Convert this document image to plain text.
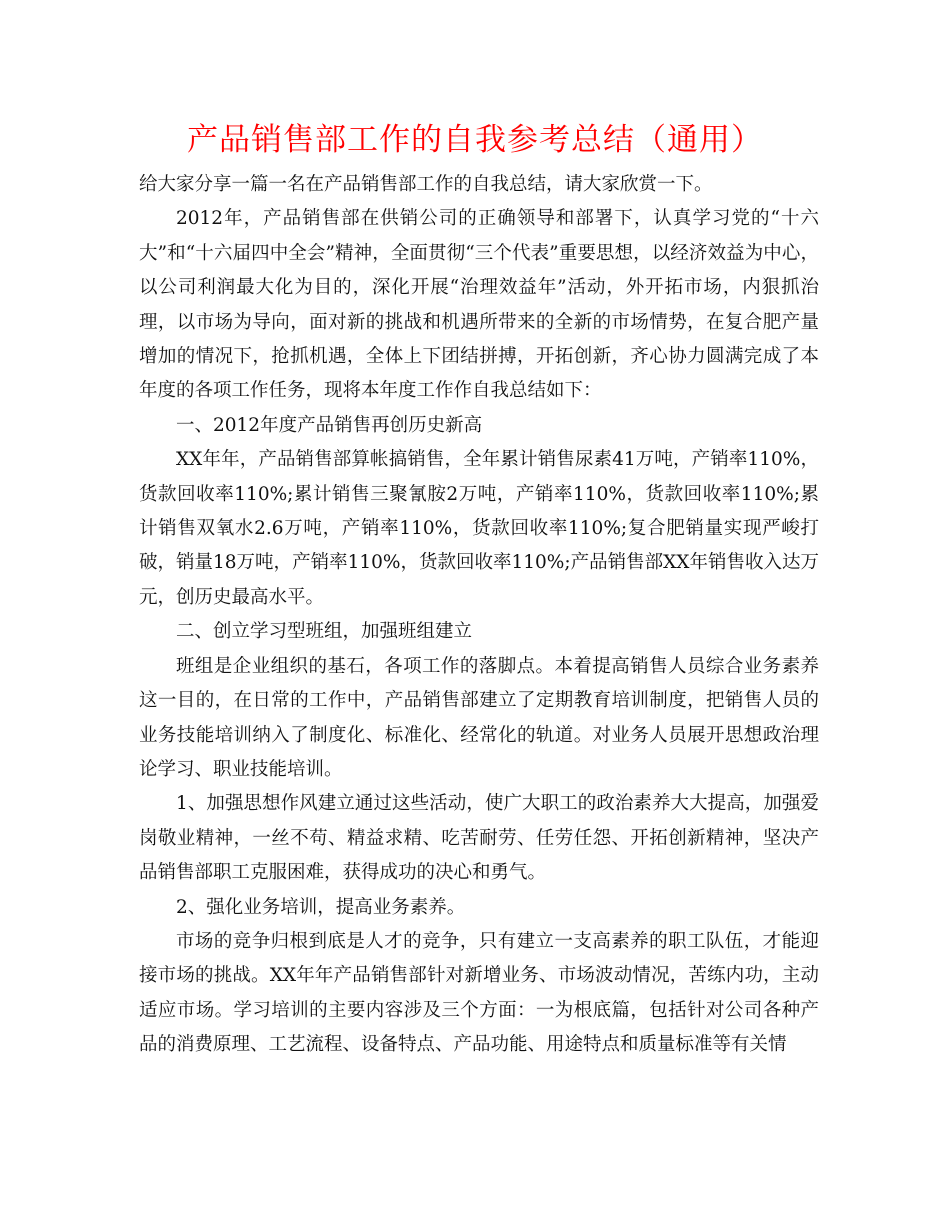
产品销售部工作的自我参考总结（通用）

给大家分享一篇一名在产品销售部工作的自我总结，请大家欣赏一下。

2012年，产品销售部在供销公司的正确领导和部署下，认真学习党的“十六大”和“十六届四中全会”精神，全面贯彻“三个代表”重要思想，以经济效益为中心，以公司利润最大化为目的，深化开展“治理效益年”活动，外开拓市场，内狠抓治理，以市场为导向，面对新的挑战和机遇所带来的全新的市场情势，在复合肥产量增加的情况下，抢抓机遇，全体上下团结拼搏，开拓创新，齐心协力圆满完成了本年度的各项工作任务，现将本年度工作作自我总结如下：

一、2012年度产品销售再创历史新高

XX年年，产品销售部算帐搞销售，全年累计销售尿素41万吨，产销率110%，货款回收率110%;累计销售三聚氰胺2万吨，产销率110%，货款回收率110%;累计销售双氧水2.6万吨，产销率110%，货款回收率110%;复合肥销量实现严峻打破，销量18万吨，产销率110%，货款回收率110%;产品销售部XX年销售收入达万元，创历史最高水平。

二、创立学习型班组，加强班组建立

班组是企业组织的基石，各项工作的落脚点。本着提高销售人员综合业务素养这一目的，在日常的工作中，产品销售部建立了定期教育培训制度，把销售人员的业务技能培训纳入了制度化、标准化、经常化的轨道。对业务人员展开思想政治理论学习、职业技能培训。

1、加强思想作风建立通过这些活动，使广大职工的政治素养大大提高，加强爱岗敬业精神，一丝不苟、精益求精、吃苦耐劳、任劳任怨、开拓创新精神，坚决产品销售部职工克服困难，获得成功的决心和勇气。

2、强化业务培训，提高业务素养。

市场的竞争归根到底是人才的竞争，只有建立一支高素养的职工队伍，才能迎接市场的挑战。XX年年产品销售部针对新增业务、市场波动情况，苦练内功，主动适应市场。学习培训的主要内容涉及三个方面：一为根底篇，包括针对公司各种产品的消费原理、工艺流程、设备特点、产品功能、用途特点和质量标准等有关情
